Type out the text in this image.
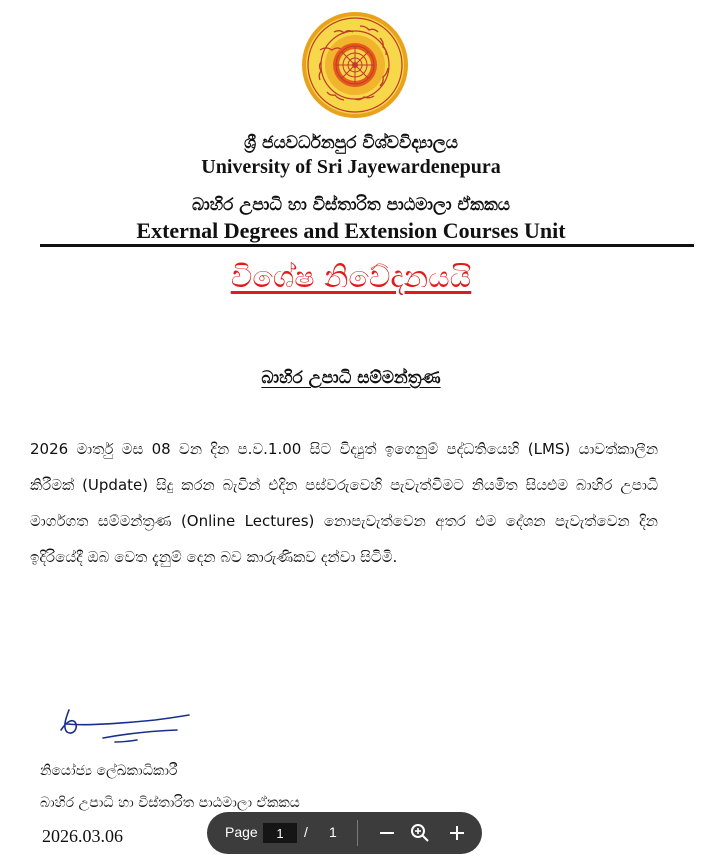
ශ්‍රී ජයවර්ධනපුර විශ්වවිද්‍යාලය
University of Sri Jayewardenepura
බාහිර උපාධි හා විස්තාරිත පාඨමාලා ඒකකය
External Degrees and Extension Courses Unit
විශේෂ නිවේදනයයි
බාහිර උපාධි සම්මන්ත්‍රණ
2026 මාර්තු මස 08 වන දින ප.ව.1.00 සිට විද්‍යුත් ඉගෙනුම් පද්ධතියෙහි (LMS) යාවත්කාලීන කිරීමක් (Update) සිදු කරන බැවින් එදින පස්වරුවෙහි පැවැත්වීමට නියමිත සියළුම බාහිර උපාධි මාර්ගගත සම්මන්ත්‍රණ (Online Lectures) නොපැවැත්වෙන අතර එම දේශන පැවැත්වෙන දින ඉදිරියේදී ඔබ වෙත දැනුම් දෙන බව කාරුණිකව දන්වා සිටිමි.
නියෝජ්‍ය ලේඛකාධිකාරී
බාහිර උපාධි හා විස්තාරිත පාඨමාලා ඒකකය
2026.03.06	Page
1	/ 1
